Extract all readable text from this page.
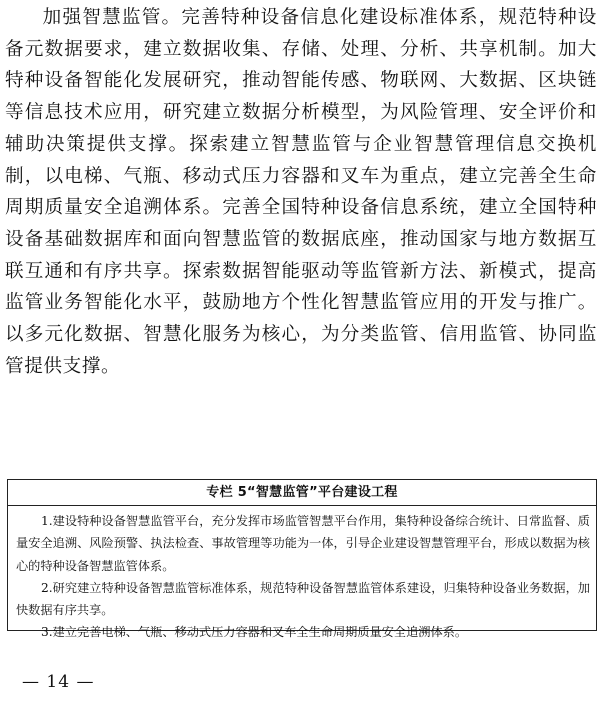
加强智慧监管。完善特种设备信息化建设标准体系，规范特种设备元数据要求，建立数据收集、存储、处理、分析、共享机制。加大特种设备智能化发展研究，推动智能传感、物联网、大数据、区块链等信息技术应用，研究建立数据分析模型，为风险管理、安全评价和辅助决策提供支撑。探索建立智慧监管与企业智慧管理信息交换机制，以电梯、气瓶、移动式压力容器和叉车为重点，建立完善全生命周期质量安全追溯体系。完善全国特种设备信息系统，建立全国特种设备基础数据库和面向智慧监管的数据底座，推动国家与地方数据互联互通和有序共享。探索数据智能驱动等监管新方法、新模式，提高监管业务智能化水平，鼓励地方个性化智慧监管应用的开发与推广。以多元化数据、智慧化服务为核心，为分类监管、信用监管、协同监管提供支撑。

专栏 5“智慧监管”平台建设工程

1.建设特种设备智慧监管平台，充分发挥市场监管智慧平台作用，集特种设备综合统计、日常监督、质量安全追溯、风险预警、执法检查、事故管理等功能为一体，引导企业建设智慧管理平台，形成以数据为核心的特种设备智慧监管体系。

2.研究建立特种设备智慧监管标准体系，规范特种设备智慧监管体系建设，归集特种设备业务数据，加快数据有序共享。

3.建立完善电梯、气瓶、移动式压力容器和叉车全生命周期质量安全追溯体系。

— 14 —
